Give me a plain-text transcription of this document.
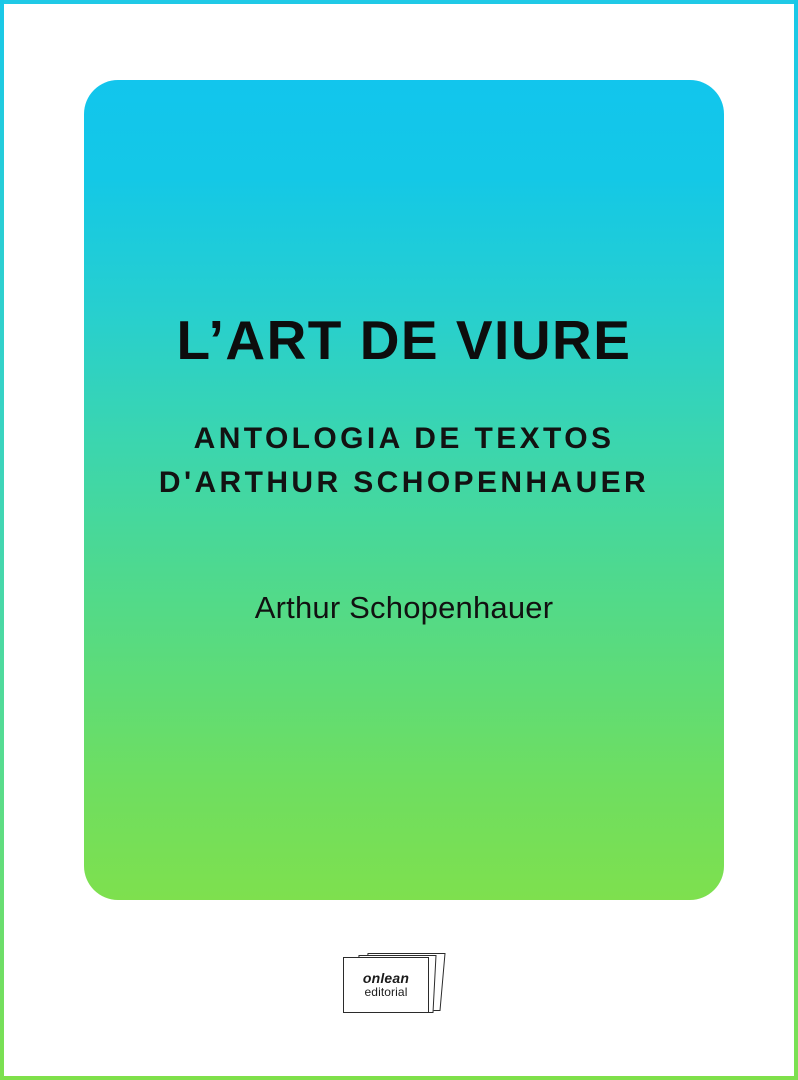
L’ART DE VIURE
ANTOLOGIA DE TEXTOS
D'ARTHUR SCHOPENHAUER
Arthur Schopenhauer
onlean
editorial
